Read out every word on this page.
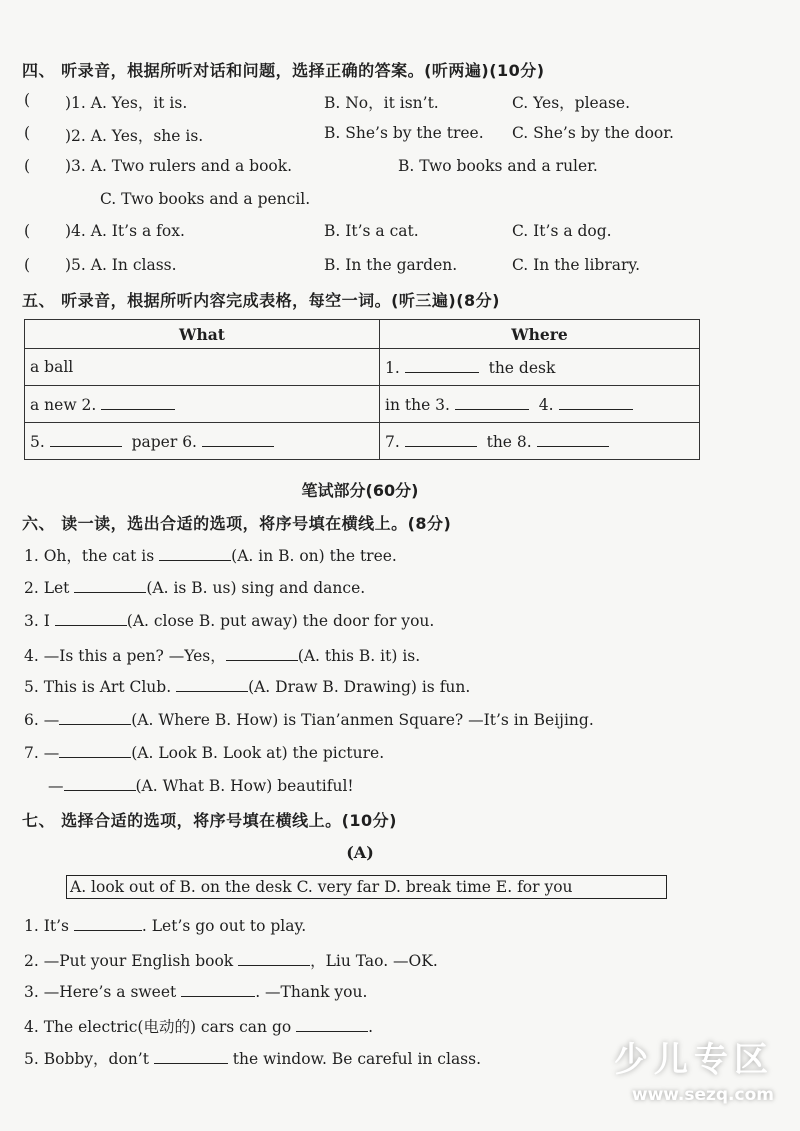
四、 听录音，根据所听对话和问题，选择正确的答案。(听两遍)(10分)
( )1. A. Yes，it is.	B. No，it isn’t.	C. Yes，please.
( )2. A. Yes，she is.	B. She’s by the tree. C. She’s by the door.
( )3. A. Two rulers and a book.	B. Two books and a ruler.
C. Two books and a pencil.
( )4. A. It’s a fox.	B. It’s a cat.	C. It’s a dog.
( )5. A. In class.	B. In the garden.	C. In the library.
五、 听录音，根据所听内容完成表格，每空一词。(听三遍)(8分)
What	Where
a ball	1. the desk
a new 2.	in the 3. 4.
5. paper 6.	7. the 8.
笔试部分(60分)
六、 读一读，选出合适的选项，将序号填在横线上。(8分)
1. Oh，the cat is	(A. in B. on) the tree.
2. Let	(A. is B. us) sing and dance.
3. I	(A. close B. put away) the door for you.
4. —Is this a pen? —Yes，	(A. this B. it) is.
5. This is Art Club.	(A. Draw B. Drawing) is fun.
6. —	(A. Where B. How) is Tian’anmen Square? —It’s in Beijing.
7. —	(A. Look B. Look at) the picture.
—	(A. What B. How) beautiful!
七、 选择合适的选项，将序号填在横线上。(10分)
(A)
A. look out of B. on the desk C. very far D. break time E. for you
1. It’s	. Let’s go out to play.
2. —Put your English book	，Liu Tao. —OK.
3. —Here’s a sweet	. —Thank you.
4. The electric(电动的) cars can go	.
5. Bobby，don’t	the window. Be careful in class.	少儿专区
www.sezq.com
